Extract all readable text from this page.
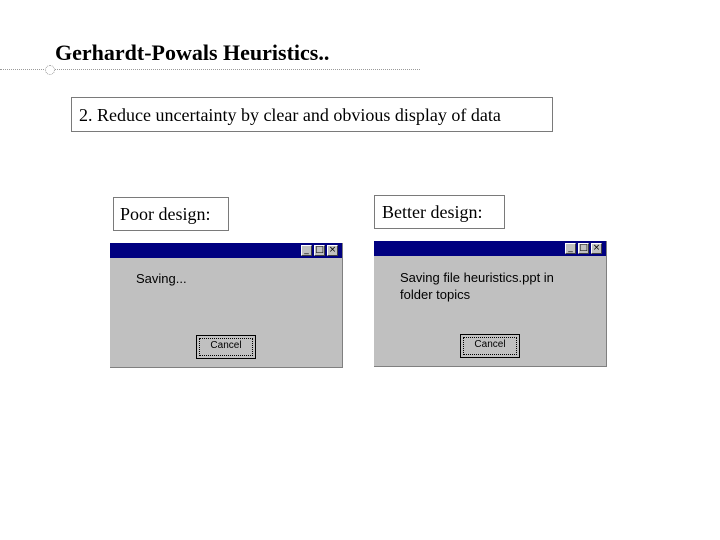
Gerhardt-Powals Heuristics..
2. Reduce uncertainty by clear and obvious display of data
Poor design:	Better design:
_ □ ×
Saving...
Cancel
_ □ ×
Saving file heuristics.ppt in folder topics
Cancel
